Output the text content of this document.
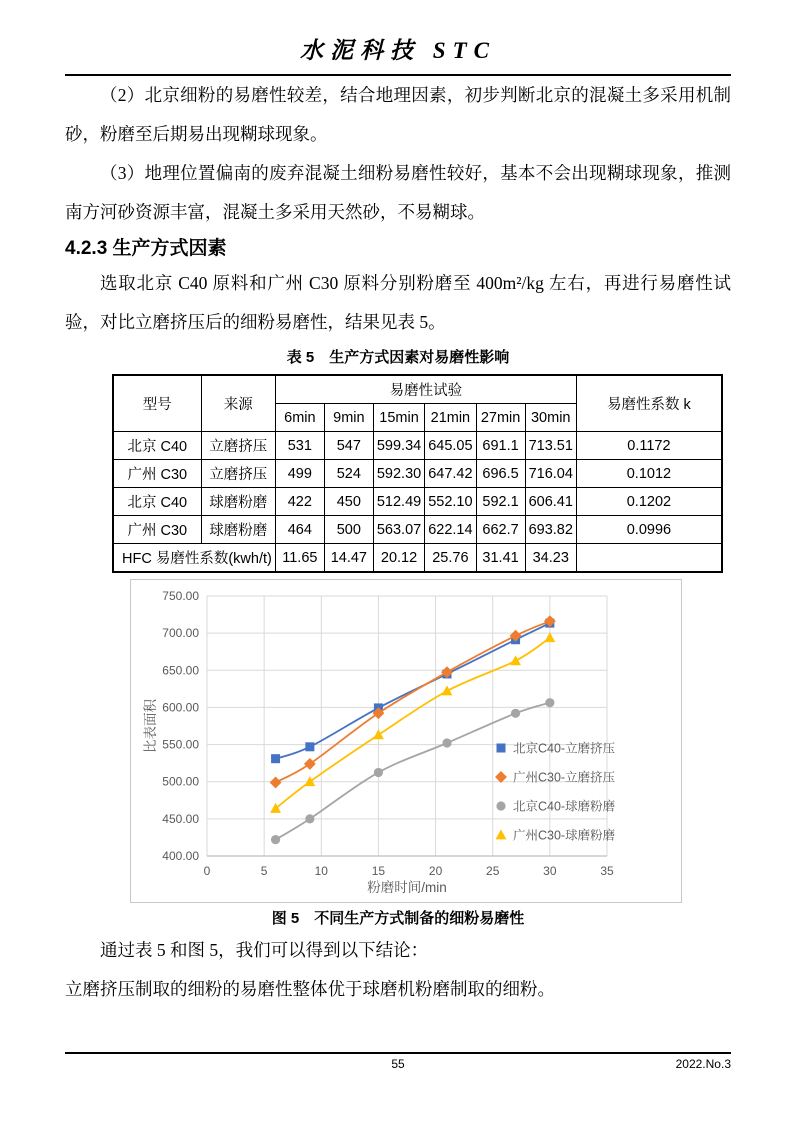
水泥科技 STC

（2）北京细粉的易磨性较差，结合地理因素，初步判断北京的混凝土多采用机制砂，粉磨至后期易出现糊球现象。

（3）地理位置偏南的废弃混凝土细粉易磨性较好，基本不会出现糊球现象，推测南方河砂资源丰富，混凝土多采用天然砂，不易糊球。

4.2.3 生产方式因素

选取北京 C40 原料和广州 C30 原料分别粉磨至 400m²/kg 左右，再进行易磨性试验，对比立磨挤压后的细粉易磨性，结果见表 5。

表 5　生产方式因素对易磨性影响
型号	来源	易磨性试验						易磨性系数 k
		6min	9min	15min	21min	27min	30min	
北京 C40	立磨挤压	531	547	599.34	645.05	691.1	713.51	0.1172
广州 C30	立磨挤压	499	524	592.30	647.42	696.5	716.04	0.1012
北京 C40	球磨粉磨	422	450	512.49	552.10	592.1	606.41	0.1202
广州 C30	球磨粉磨	464	500	563.07	622.14	662.7	693.82	0.0996
HFC 易磨性系数(kwh/t)		11.65	14.47	20.12	25.76	31.41	34.23	
400.00
450.00
500.00
550.00
600.00
650.00
700.00
750.00
0	5	10	15	20	25	30	35
比表面积
粉磨时间/min
北京C40-立磨挤压
广州C30-立磨挤压
北京C40-球磨粉磨
广州C30-球磨粉磨
图 5　不同生产方式制备的细粉易磨性

通过表 5 和图 5，我们可以得到以下结论：

立磨挤压制取的细粉的易磨性整体优于球磨机粉磨制取的细粉。

55	2022.No.3
